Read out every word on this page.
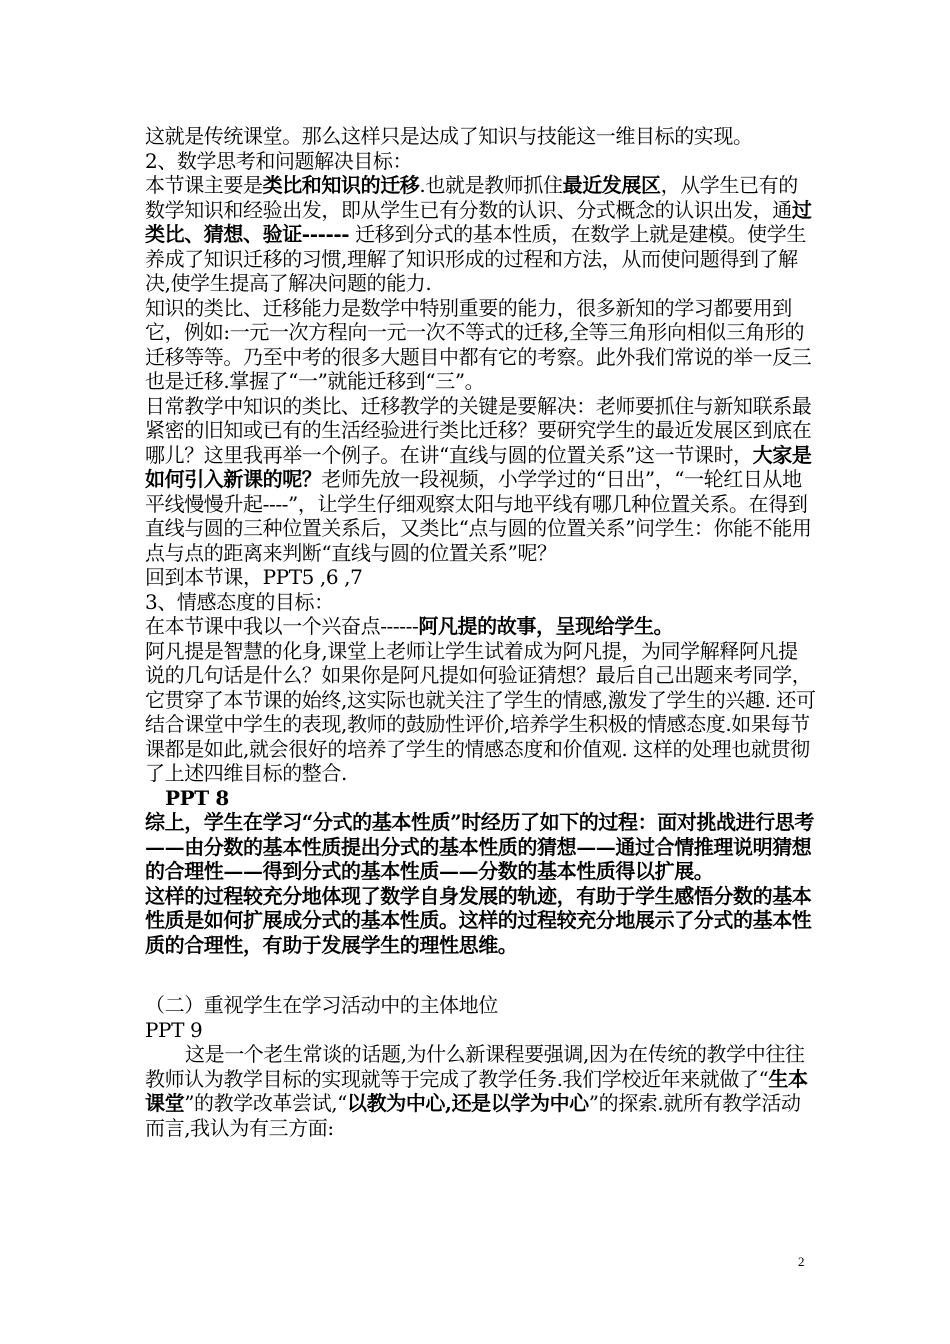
这就是传统课堂。那么这样只是达成了知识与技能这一维目标的实现。

2、数学思考和问题解决目标：

本节课主要是类比和知识的迁移.也就是教师抓住最近发展区，从学生已有的数学知识和经验出发，即从学生已有分数的认识、分式概念的认识出发，通过类比、猜想、验证------ 迁移到分式的基本性质，在数学上就是建模。使学生养成了知识迁移的习惯,理解了知识形成的过程和方法，从而使问题得到了解决,使学生提高了解决问题的能力.

知识的类比、迁移能力是数学中特别重要的能力，很多新知的学习都要用到它，例如:一元一次方程向一元一次不等式的迁移,全等三角形向相似三角形的迁移等等。乃至中考的很多大题目中都有它的考察。此外我们常说的举一反三也是迁移.掌握了“一”就能迁移到“三”。

日常教学中知识的类比、迁移教学的关键是要解决：老师要抓住与新知联系最紧密的旧知或已有的生活经验进行类比迁移？要研究学生的最近发展区到底在哪儿？这里我再举一个例子。在讲“直线与圆的位置关系”这一节课时，大家是如何引入新课的呢？老师先放一段视频，小学学过的“日出”，“一轮红日从地平线慢慢升起----”，让学生仔细观察太阳与地平线有哪几种位置关系。在得到直线与圆的三种位置关系后，又类比“点与圆的位置关系”问学生：你能不能用点与点的距离来判断“直线与圆的位置关系”呢？

回到本节课，PPT5 ,6 ,7

3、情感态度的目标：

在本节课中我以一个兴奋点------阿凡提的故事，呈现给学生。

阿凡提是智慧的化身,课堂上老师让学生试着成为阿凡提，为同学解释阿凡提说的几句话是什么？如果你是阿凡提如何验证猜想？最后自己出题来考同学，它贯穿了本节课的始终,这实际也就关注了学生的情感,激发了学生的兴趣. 还可结合课堂中学生的表现,教师的鼓励性评价,培养学生积极的情感态度.如果每节课都是如此,就会很好的培养了学生的情感态度和价值观. 这样的处理也就贯彻了上述四维目标的整合.

PPT 8

综上，学生在学习“分式的基本性质”时经历了如下的过程：面对挑战进行思考——由分数的基本性质提出分式的基本性质的猜想——通过合情推理说明猜想的合理性——得到分式的基本性质——分数的基本性质得以扩展。

这样的过程较充分地体现了数学自身发展的轨迹，有助于学生感悟分数的基本性质是如何扩展成分式的基本性质。这样的过程较充分地展示了分式的基本性质的合理性，有助于发展学生的理性思维。

（二）重视学生在学习活动中的主体地位

PPT 9

这是一个老生常谈的话题,为什么新课程要强调,因为在传统的教学中往往教师认为教学目标的实现就等于完成了教学任务.我们学校近年来就做了“生本课堂”的教学改革尝试,“以教为中心,还是以学为中心”的探索.就所有教学活动而言,我认为有三方面:

2
